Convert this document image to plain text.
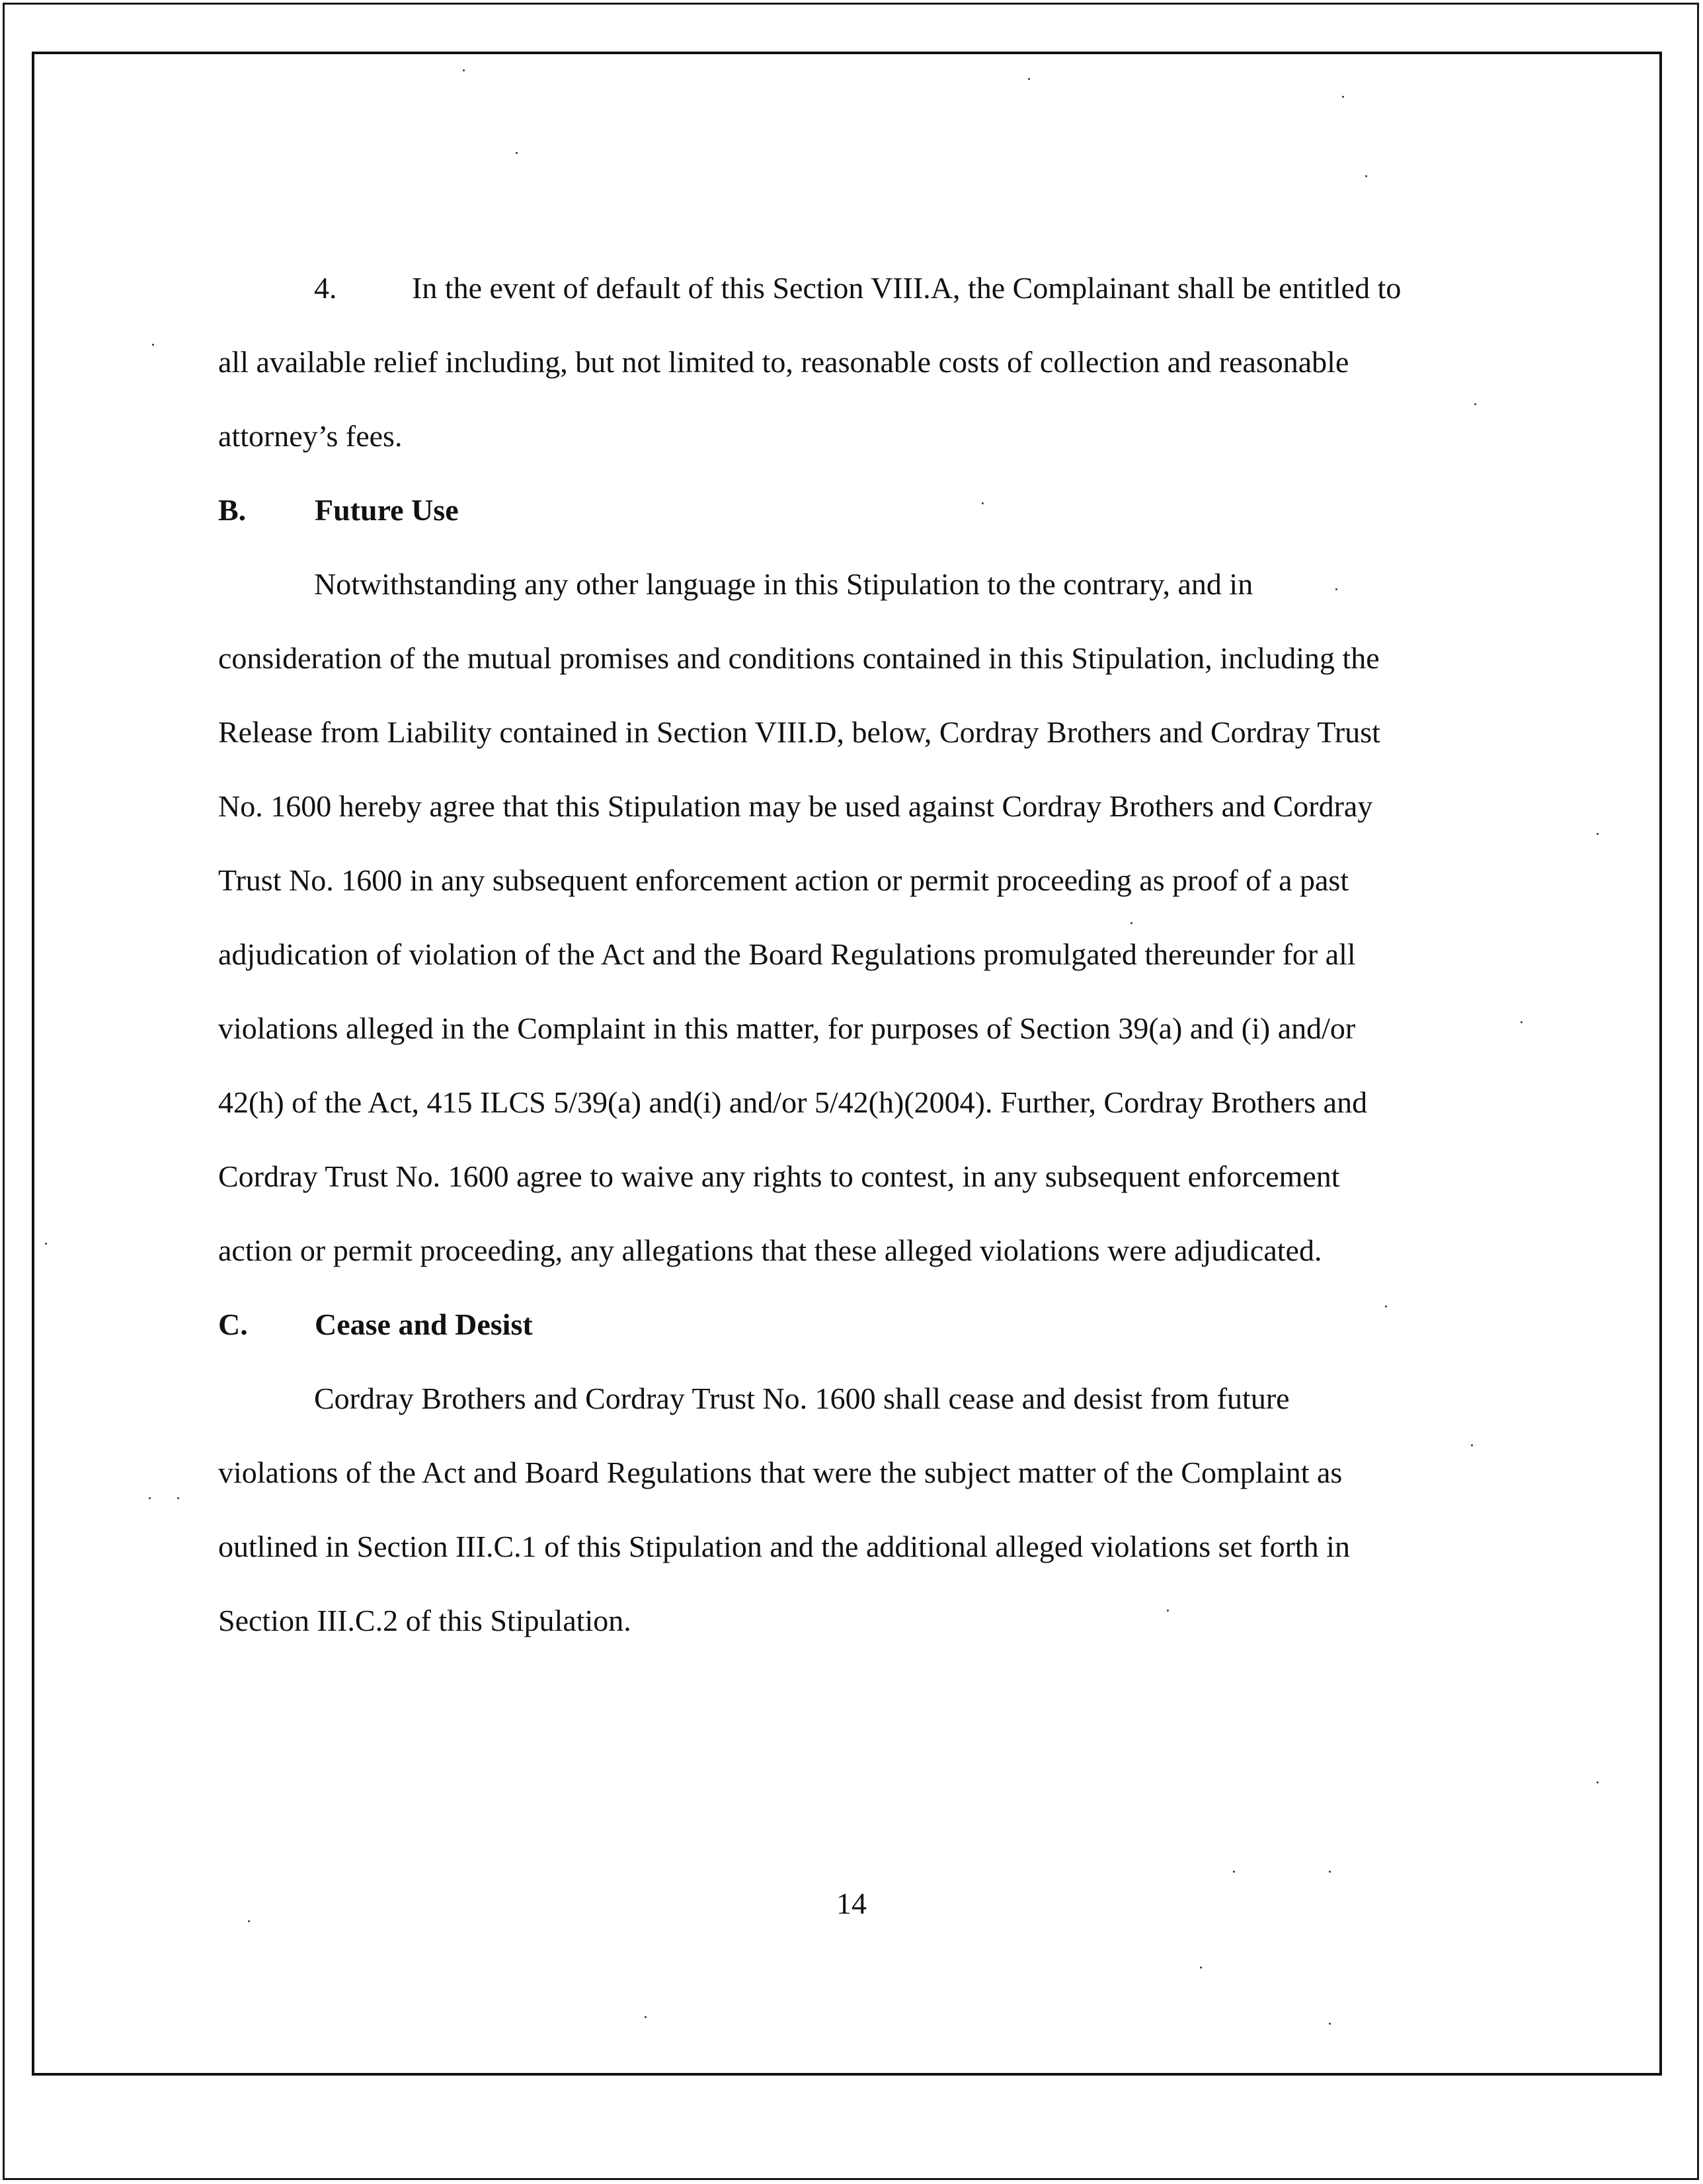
4. In the event of default of this Section VIII.A, the Complainant shall be entitled to
all available relief including, but not limited to, reasonable costs of collection and reasonable
attorney’s fees.
B. Future Use
Notwithstanding any other language in this Stipulation to the contrary, and in
consideration of the mutual promises and conditions contained in this Stipulation, including the
Release from Liability contained in Section VIII.D, below, Cordray Brothers and Cordray Trust
No. 1600 hereby agree that this Stipulation may be used against Cordray Brothers and Cordray
Trust No. 1600 in any subsequent enforcement action or permit proceeding as proof of a past
adjudication of violation of the Act and the Board Regulations promulgated thereunder for all
violations alleged in the Complaint in this matter, for purposes of Section 39(a) and (i) and/or
42(h) of the Act, 415 ILCS 5/39(a) and(i) and/or 5/42(h)(2004). Further, Cordray Brothers and
Cordray Trust No. 1600 agree to waive any rights to contest, in any subsequent enforcement
action or permit proceeding, any allegations that these alleged violations were adjudicated.
C. Cease and Desist
Cordray Brothers and Cordray Trust No. 1600 shall cease and desist from future
violations of the Act and Board Regulations that were the subject matter of the Complaint as
outlined in Section III.C.1 of this Stipulation and the additional alleged violations set forth in
Section III.C.2 of this Stipulation.
14
